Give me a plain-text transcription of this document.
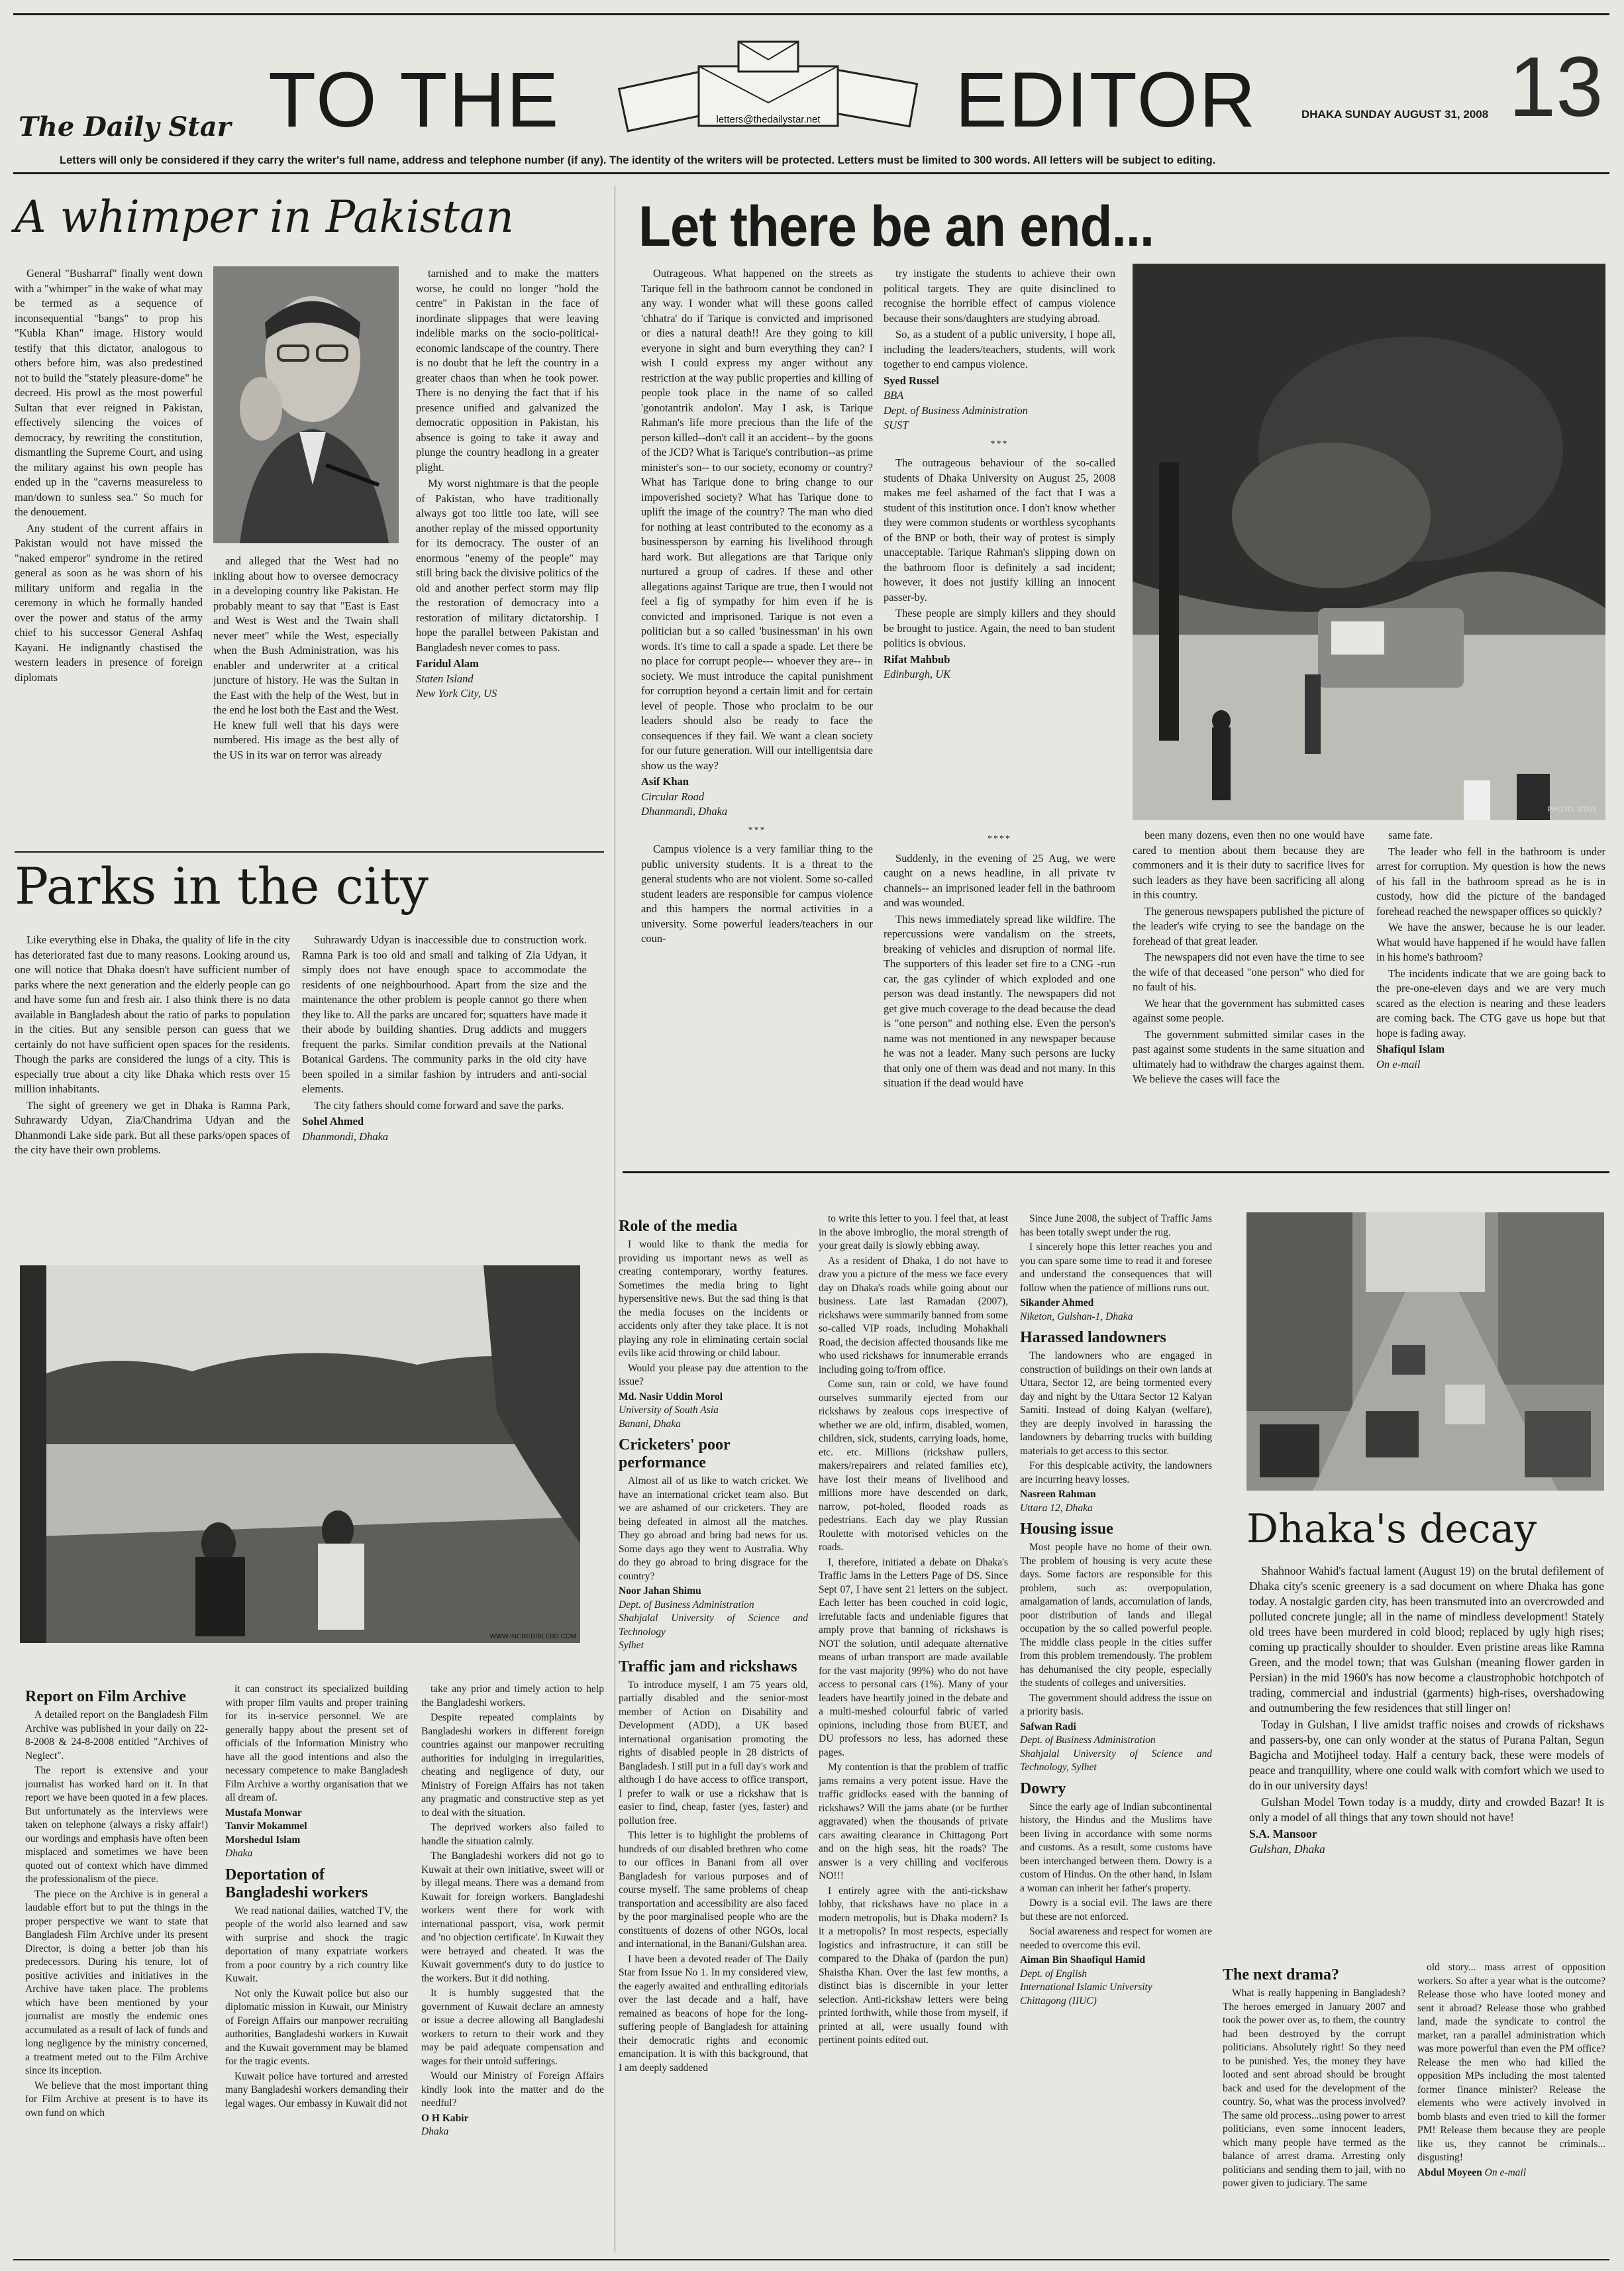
The Daily Star TO THE	letters@thedailystar.net EDITOR	DHAKA SUNDAY AUGUST 31, 2008 13
Letters will only be considered if they carry the writer's full name, address and telephone number (if any). The identity of the writers will be protected. Letters must be limited to 300 words. All letters will be subject to editing.
A whimper in Pakistan

General "Busharraf" finally went down with a "whimper" in the wake of what may be termed as a sequence of inconsequential "bangs" to prop his "Kubla Khan" image. History would testify that this dictator, analogous to others before him, was also predestined not to build the "stately pleasure-dome" he decreed. His prowl as the most powerful Sultan that ever reigned in Pakistan, effectively silencing the voices of democracy, by rewriting the constitution, dismantling the Supreme Court, and using the military against his own people has ended up in the "caverns measureless to man/down to sunless sea." So much for the denouement.

Any student of the current affairs in Pakistan would not have missed the "naked emperor" syndrome in the retired general as soon as he was shorn of his military uniform and regalia in the ceremony in which he formally handed over the power and status of the army chief to his successor General Ashfaq Kayani. He indignantly chastised the western leaders in presence of foreign diplomats

and alleged that the West had no inkling about how to oversee democracy in a developing country like Pakistan. He probably meant to say that "East is East and West is West and the Twain shall never meet" while the West, especially when the Bush Administration, was his enabler and underwriter at a critical juncture of history. He was the Sultan in the East with the help of the West, but in the end he lost both the East and the West. He knew full well that his days were numbered. His image as the best ally of the US in its war on terror was already

tarnished and to make the matters worse, he could no longer "hold the centre" in Pakistan in the face of inordinate slippages that were leaving indelible marks on the socio-political-economic landscape of the country. There is no doubt that he left the country in a greater chaos than when he took power. There is no denying the fact that if his presence unified and galvanized the democratic opposition in Pakistan, his absence is going to take it away and plunge the country headlong in a greater plight.

My worst nightmare is that the people of Pakistan, who have traditionally always got too little too late, will see another replay of the missed opportunity for its democracy. The ouster of an enormous "enemy of the people" may still bring back the divisive politics of the old and another perfect storm may flip the restoration of democracy into a restoration of military dictatorship. I hope the parallel between Pakistan and Bangladesh never comes to pass.

Faridul Alam

Staten Island

New York City, US

Parks in the city

Like everything else in Dhaka, the quality of life in the city has deteriorated fast due to many reasons. Looking around us, one will notice that Dhaka doesn't have sufficient number of parks where the next generation and the elderly people can go and have some fun and fresh air. I also think there is no data available in Bangladesh about the ratio of parks to population in the cities. But any sensible person can guess that we certainly do not have sufficient open spaces for the residents. Though the parks are considered the lungs of a city. This is especially true about a city like Dhaka which rests over 15 million inhabitants.

The sight of greenery we get in Dhaka is Ramna Park, Suhrawardy Udyan, Zia/Chandrima Udyan and the Dhanmondi Lake side park. But all these parks/open spaces of the city have their own problems.

Suhrawardy Udyan is inaccessible due to construction work. Ramna Park is too old and small and talking of Zia Udyan, it simply does not have enough space to accommodate the residents of one neighbourhood. Apart from the size and the maintenance the other problem is people cannot go there when they like to. All the parks are uncared for; squatters have made it their abode by building shanties. Drug addicts and muggers frequent the parks. Similar condition prevails at the National Botanical Gardens. The community parks in the old city have been spoiled in a similar fashion by intruders and anti-social elements.

The city fathers should come forward and save the parks.

Sohel Ahmed

Dhanmondi, Dhaka

WWW.INCREDIBLEBD.COM
Let there be an end...

Outrageous. What happened on the streets as Tarique fell in the bathroom cannot be condoned in any way. I wonder what will these goons called 'chhatra' do if Tarique is convicted and imprisoned or dies a natural death!! Are they going to kill everyone in sight and burn everything they can? I wish I could express my anger without any restriction at the way public properties and killing of people took place in the name of so called 'gonotantrik andolon'. May I ask, is Tarique Rahman's life more precious than the life of the person killed--don't call it an accident-- by the goons of the JCD? What is Tarique's contribution--as prime minister's son-- to our society, economy or country? What has Tarique done to bring change to our impoverished society? What has Tarique done to uplift the image of the country? The man who died for nothing at least contributed to the economy as a businessperson by earning his livelihood through hard work. But allegations are that Tarique only nurtured a group of cadres. If these and other allegations against Tarique are true, then I would not feel a fig of sympathy for him even if he is convicted and imprisoned. Tarique is not even a politician but a so called 'businessman' in his own words. It's time to call a spade a spade. Let there be no place for corrupt people--- whoever they are-- in society. We must introduce the capital punishment for corruption beyond a certain limit and for certain level of people. Those who proclaim to be our leaders should also be ready to face the consequences if they fail. We want a clean society for our future generation. Will our intelligentsia dare show us the way?

Asif Khan

Circular Road

Dhanmandi, Dhaka

***

Campus violence is a very familiar thing to the public university students. It is a threat to the general students who are not violent. Some so-called student leaders are responsible for campus violence and this hampers the normal activities in a university. Some powerful leaders/teachers in our coun-

try instigate the students to achieve their own political targets. They are quite disinclined to recognise the horrible effect of campus violence because their sons/daughters are studying abroad.

So, as a student of a public university, I hope all, including the leaders/teachers, students, will work together to end campus violence.

Syed Russel

BBA

Dept. of Business Administration

SUST

***

The outrageous behaviour of the so-called students of Dhaka University on August 25, 2008 makes me feel ashamed of the fact that I was a student of this institution once. I don't know whether they were common students or worthless sycophants of the BNP or both, their way of protest is simply unacceptable. Tarique Rahman's slipping down on the bathroom floor is definitely a sad incident; however, it does not justify killing an innocent passer-by.

These people are simply killers and they should be brought to justice. Again, the need to ban student politics is obvious.

Rifat Mahbub

Edinburgh, UK

PHOTO: STAR

****

Suddenly, in the evening of 25 Aug, we were caught on a news headline, in all private tv channels-- an imprisoned leader fell in the bathroom and was wounded.

This news immediately spread like wildfire. The repercussions were vandalism on the streets, breaking of vehicles and disruption of normal life. The supporters of this leader set fire to a CNG -run car, the gas cylinder of which exploded and one person was dead instantly. The newspapers did not get give much coverage to the dead because the dead is "one person" and nothing else. Even the person's name was not mentioned in any newspaper because he was not a leader. Many such persons are lucky that only one of them was dead and not many. In this situation if the dead would have

been many dozens, even then no one would have cared to mention about them because they are commoners and it is their duty to sacrifice lives for such leaders as they have been sacrificing all along in this country.

The generous newspapers published the picture of the leader's wife crying to see the bandage on the forehead of that great leader.

The newspapers did not even have the time to see the wife of that deceased "one person" who died for no fault of his.

We hear that the government has submitted cases against some people.

The government submitted similar cases in the past against some students in the same situation and ultimately had to withdraw the charges against them. We believe the cases will face the

same fate.

The leader who fell in the bathroom is under arrest for corruption. My question is how the news of his fall in the bathroom spread as he is in custody, how did the picture of the bandaged forehead reached the newspaper offices so quickly?

We have the answer, because he is our leader. What would have happened if he would have fallen in his home's bathroom?

The incidents indicate that we are going back to the pre-one-eleven days and we are very much scared as the election is nearing and these leaders are coming back. The CTG gave us hope but that hope is fading away.

Shafiqul Islam

On e-mail

Report on Film Archive

A detailed report on the Bangladesh Film Archive was published in your daily on 22-8-2008 & 24-8-2008 entitled "Archives of Neglect".

The report is extensive and your journalist has worked hard on it. In that report we have been quoted in a few places. But unfortunately as the interviews were taken on telephone (always a risky affair!) our wordings and emphasis have often been misplaced and sometimes we have been quoted out of context which have dimmed the professionalism of the piece.

The piece on the Archive is in general a laudable effort but to put the things in the proper perspective we want to state that Bangladesh Film Archive under its present Director, is doing a better job than his predecessors. During his tenure, lot of positive activities and initiatives in the Archive have taken place. The problems which have been mentioned by your journalist are mostly the endemic ones accumulated as a result of lack of funds and long negligence by the ministry concerned, a treatment meted out to the Film Archive since its inception.

We believe that the most important thing for Film Archive at present is to have its own fund on which

it can construct its specialized building with proper film vaults and proper training for its in-service personnel. We are generally happy about the present set of officials of the Information Ministry who have all the good intentions and also the necessary competence to make Bangladesh Film Archive a worthy organisation that we all dream of.

Mustafa Monwar

Tanvir Mokammel

Morshedul Islam

Dhaka

Deportation of Bangladeshi workers

We read national dailies, watched TV, the people of the world also learned and saw with surprise and shock the tragic deportation of many expatriate workers from a poor country by a rich country like Kuwait.

Not only the Kuwait police but also our diplomatic mission in Kuwait, our Ministry of Foreign Affairs our manpower recruiting authorities, Bangladeshi workers in Kuwait and the Kuwait government may be blamed for the tragic events.

Kuwait police have tortured and arrested many Bangladeshi workers demanding their legal wages. Our embassy in Kuwait did not

take any prior and timely action to help the Bangladeshi workers.

Despite repeated complaints by Bangladeshi workers in different foreign countries against our manpower recruiting authorities for indulging in irregularities, cheating and negligence of duty, our Ministry of Foreign Affairs has not taken any pragmatic and constructive step as yet to deal with the situation.

The deprived workers also failed to handle the situation calmly.

The Bangladeshi workers did not go to Kuwait at their own initiative, sweet will or by illegal means. There was a demand from Kuwait for foreign workers. Bangladeshi workers went there for work with international passport, visa, work permit and 'no objection certificate'. In Kuwait they were betrayed and cheated. It was the Kuwait government's duty to do justice to the workers. But it did nothing.

It is humbly suggested that the government of Kuwait declare an amnesty or issue a decree allowing all Bangladeshi workers to return to their work and they may be paid adequate compensation and wages for their untold sufferings.

Would our Ministry of Foreign Affairs kindly look into the matter and do the needful?

O H Kabir

Dhaka

Role of the media

I would like to thank the media for providing us important news as well as creating contemporary, worthy features. Sometimes the media bring to light hypersensitive news. But the sad thing is that the media focuses on the incidents or accidents only after they take place. It is not playing any role in eliminating certain social evils like acid throwing or child labour.

Would you please pay due attention to the issue?

Md. Nasir Uddin Morol

University of South Asia

Banani, Dhaka

Cricketers' poor performance

Almost all of us like to watch cricket. We have an international cricket team also. But we are ashamed of our cricketers. They are being defeated in almost all the matches. They go abroad and bring bad news for us. Some days ago they went to Australia. Why do they go abroad to bring disgrace for the country?

Noor Jahan Shimu

Dept. of Business Administration

Shahjalal University of Science and Technology

Sylhet

Traffic jam and rickshaws

To introduce myself, I am 75 years old, partially disabled and the senior-most member of Action on Disability and Development (ADD), a UK based international organisation promoting the rights of disabled people in 28 districts of Bangladesh. I still put in a full day's work and although I do have access to office transport, I prefer to walk or use a rickshaw that is easier to find, cheap, faster (yes, faster) and pollution free.

This letter is to highlight the problems of hundreds of our disabled brethren who come to our offices in Banani from all over Bangladesh for various purposes and of course myself. The same problems of cheap transportation and accessibility are also faced by the poor marginalised people who are the constituents of dozens of other NGOs, local and international, in the Banani/Gulshan area.

I have been a devoted reader of The Daily Star from Issue No 1. In my considered view, the eagerly awaited and enthralling editorials over the last decade and a half, have remained as beacons of hope for the long-suffering people of Bangladesh for attaining their democratic rights and economic emancipation. It is with this background, that I am deeply saddened

to write this letter to you. I feel that, at least in the above imbroglio, the moral strength of your great daily is slowly ebbing away.

As a resident of Dhaka, I do not have to draw you a picture of the mess we face every day on Dhaka's roads while going about our business. Late last Ramadan (2007), rickshaws were summarily banned from some so-called VIP roads, including Mohakhali Road, the decision affected thousands like me who used rickshaws for innumerable errands including going to/from office.

Come sun, rain or cold, we have found ourselves summarily ejected from our rickshaws by zealous cops irrespective of whether we are old, infirm, disabled, women, children, sick, students, carrying loads, home, etc. etc. Millions (rickshaw pullers, makers/repairers and related families etc), have lost their means of livelihood and millions more have descended on dark, narrow, pot-holed, flooded roads as pedestrians. Each day we play Russian Roulette with motorised vehicles on the roads.

I, therefore, initiated a debate on Dhaka's Traffic Jams in the Letters Page of DS. Since Sept 07, I have sent 21 letters on the subject. Each letter has been couched in cold logic, irrefutable facts and undeniable figures that amply prove that banning of rickshaws is NOT the solution, until adequate alternative means of urban transport are made available for the vast majority (99%) who do not have access to personal cars (1%). Many of your leaders have heartily joined in the debate and a multi-meshed colourful fabric of varied opinions, including those from BUET, and DU professors no less, has adorned these pages.

My contention is that the problem of traffic jams remains a very potent issue. Have the traffic gridlocks eased with the banning of rickshaws? Will the jams abate (or be further aggravated) when the thousands of private cars awaiting clearance in Chittagong Port and on the high seas, hit the roads? The answer is a very chilling and vociferous NO!!!

I entirely agree with the anti-rickshaw lobby, that rickshaws have no place in a modern metropolis, but is Dhaka modern? Is it a metropolis? In most respects, especially logistics and infrastructure, it can still be compared to the Dhaka of (pardon the pun) Shaistha Khan. Over the last few months, a distinct bias is discernible in your letter selection. Anti-rickshaw letters were being printed forthwith, while those from myself, if printed at all, were usually found with pertinent points edited out.

Since June 2008, the subject of Traffic Jams has been totally swept under the rug.

I sincerely hope this letter reaches you and you can spare some time to read it and foresee and understand the consequences that will follow when the patience of millions runs out.

Sikander Ahmed

Niketon, Gulshan-1, Dhaka

Harassed landowners

The landowners who are engaged in construction of buildings on their own lands at Uttara, Sector 12, are being tormented every day and night by the Uttara Sector 12 Kalyan Samiti. Instead of doing Kalyan (welfare), they are deeply involved in harassing the landowners by debarring trucks with building materials to get access to this sector.

For this despicable activity, the landowners are incurring heavy losses.

Nasreen Rahman

Uttara 12, Dhaka

Housing issue

Most people have no home of their own. The problem of housing is very acute these days. Some factors are responsible for this problem, such as: overpopulation, amalgamation of lands, accumulation of lands, poor distribution of lands and illegal occupation by the so called powerful people. The middle class people in the cities suffer from this problem tremendously. The problem has dehumanised the city people, especially the students of colleges and universities.

The government should address the issue on a priority basis.

Safwan Radi

Dept. of Business Administration

Shahjalal University of Science and Technology, Sylhet

Dowry

Since the early age of Indian subcontinental history, the Hindus and the Muslims have been living in accordance with some norms and customs. As a result, some customs have been interchanged between them. Dowry is a custom of Hindus. On the other hand, in Islam a woman can inherit her father's property.

Dowry is a social evil. The laws are there but these are not enforced.

Social awareness and respect for women are needed to overcome this evil.

Aiman Bin Shaofiqul Hamid

Dept. of English

International Islamic University

Chittagong (IIUC)

Dhaka's decay

Shahnoor Wahid's factual lament (August 19) on the brutal defilement of Dhaka city's scenic greenery is a sad document on where Dhaka has gone today. A nostalgic garden city, has been transmuted into an overcrowded and polluted concrete jungle; all in the name of mindless development! Stately old trees have been murdered in cold blood; replaced by ugly high rises; coming up practically shoulder to shoulder. Even pristine areas like Ramna Green, and the model town; that was Gulshan (meaning flower garden in Persian) in the mid 1960's has now become a claustrophobic hotchpotch of trading, commercial and industrial (garments) high-rises, overshadowing and outnumbering the few residences that still linger on!

Today in Gulshan, I live amidst traffic noises and crowds of rickshaws and passers-by, one can only wonder at the status of Purana Paltan, Segun Bagicha and Motijheel today. Half a century back, these were models of peace and tranquillity, where one could walk with comfort which we used to do in our university days!

Gulshan Model Town today is a muddy, dirty and crowded Bazar! It is only a model of all things that any town should not have!

S.A. Mansoor

Gulshan, Dhaka

The next drama?

What is really happening in Bangladesh? The heroes emerged in January 2007 and took the power over as, to them, the country had been destroyed by the corrupt politicians. Absolutely right! So they need to be punished. Yes, the money they have looted and sent abroad should be brought back and used for the development of the country. So, what was the process involved? The same old process...using power to arrest politicians, even some innocent leaders, which many people have termed as the balance of arrest drama. Arresting only politicians and sending them to jail, with no power given to judiciary. The same

old story... mass arrest of opposition workers. So after a year what is the outcome? Release those who have looted money and sent it abroad? Release those who grabbed land, made the syndicate to control the market, ran a parallel administration which was more powerful than even the PM office? Release the men who had killed the opposition MPs including the most talented former finance minister? Release the elements who were actively involved in bomb blasts and even tried to kill the former PM! Release them because they are people like us, they cannot be criminals... disgusting!

Abdul Moyeen On e-mail
